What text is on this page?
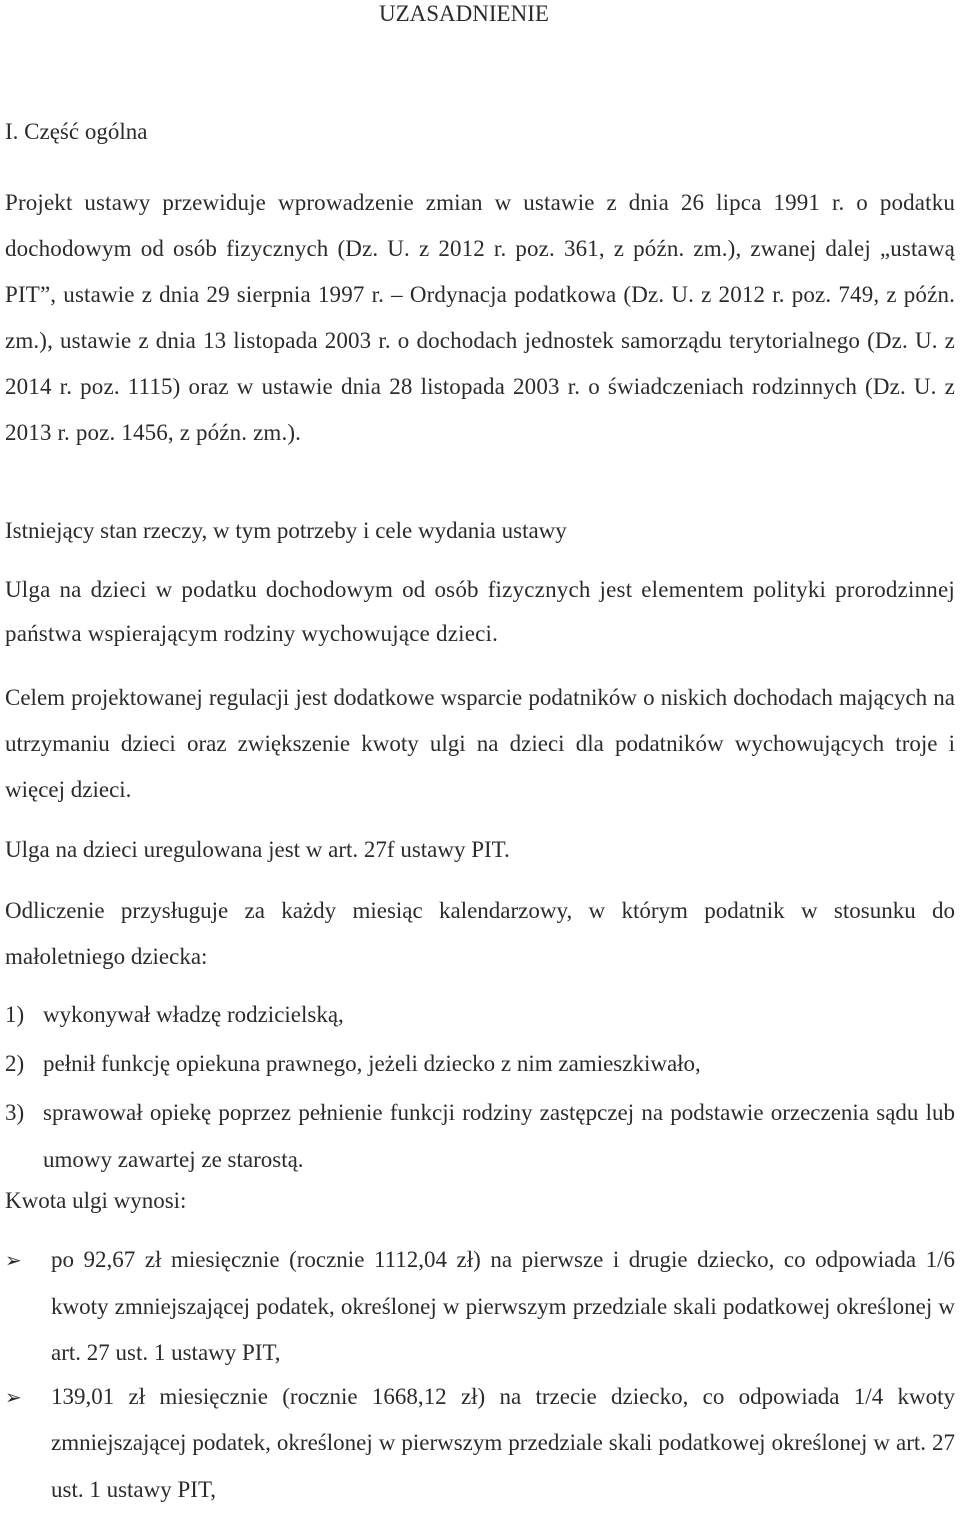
UZASADNIENIE
I. Część ogólna

Projekt ustawy przewiduje wprowadzenie zmian w ustawie z dnia 26 lipca 1991 r. o podatku dochodowym od osób fizycznych (Dz. U. z 2012 r. poz. 361, z późn. zm.), zwanej dalej „ustawą PIT”, ustawie z dnia 29 sierpnia 1997 r. – Ordynacja podatkowa (Dz. U. z 2012 r. poz. 749, z późn. zm.), ustawie z dnia 13 listopada 2003 r. o dochodach jednostek samorządu terytorialnego (Dz. U. z 2014 r. poz. 1115) oraz w ustawie dnia 28 listopada 2003 r. o świadczeniach rodzinnych (Dz. U. z 2013 r. poz. 1456, z późn. zm.).

Istniejący stan rzeczy, w tym potrzeby i cele wydania ustawy

Ulga na dzieci w podatku dochodowym od osób fizycznych jest elementem polityki prorodzinnej państwa wspierającym rodziny wychowujące dzieci.

Celem projektowanej regulacji jest dodatkowe wsparcie podatników o niskich dochodach mających na utrzymaniu dzieci oraz zwiększenie kwoty ulgi na dzieci dla podatników wychowujących troje i więcej dzieci.

Ulga na dzieci uregulowana jest w art. 27f ustawy PIT.

Odliczenie przysługuje za każdy miesiąc kalendarzowy, w którym podatnik w stosunku do małoletniego dziecka:

1) wykonywał władzę rodzicielską,
2) pełnił funkcję opiekuna prawnego, jeżeli dziecko z nim zamieszkiwało,
3) sprawował opiekę poprzez pełnienie funkcji rodziny zastępczej na podstawie orzeczenia sądu lub umowy zawartej ze starostą.
Kwota ulgi wynosi:
➢ po 92,67 zł miesięcznie (rocznie 1112,04 zł) na pierwsze i drugie dziecko, co odpowiada 1/6 kwoty zmniejszającej podatek, określonej w pierwszym przedziale skali podatkowej określonej w art. 27 ust. 1 ustawy PIT,
➢ 139,01 zł miesięcznie (rocznie 1668,12 zł) na trzecie dziecko, co odpowiada 1/4 kwoty zmniejszającej podatek, określonej w pierwszym przedziale skali podatkowej określonej w art. 27 ust. 1 ustawy PIT,
